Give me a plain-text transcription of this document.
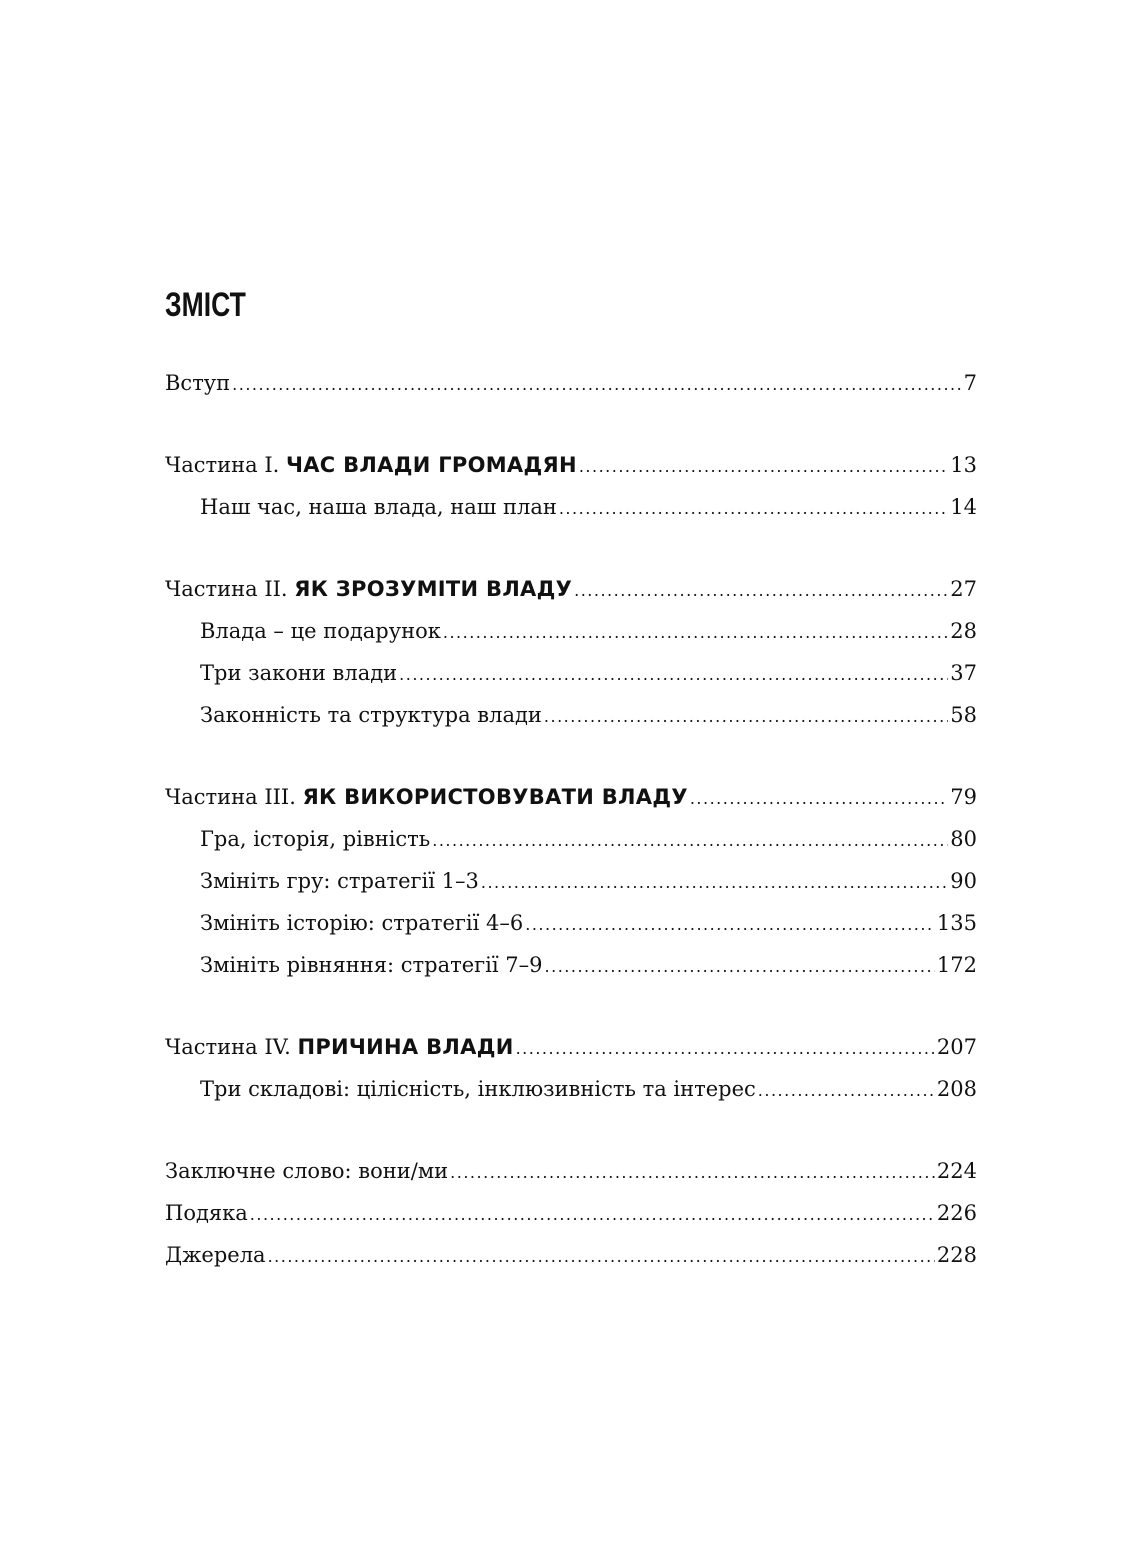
ЗМІСТ
Вступ .....	7
Частина I. ЧАС ВЛАДИ ГРОМАДЯН .....	13
Наш час, наша влада, наш план .....	14
Частина II. ЯК ЗРОЗУМІТИ ВЛАДУ .....	27
Влада – це подарунок .....	28
Три закони влади .....	37
Законність та структура влади .....	58
Частина III. ЯК ВИКОРИСТОВУВАТИ ВЛАДУ .....	79
Гра, історія, рівність .....	80
Змініть гру: стратегії 1–3 .....	90
Змініть історію: стратегії 4–6 .....	135
Змініть рівняння: стратегії 7–9 .....	172
Частина IV. ПРИЧИНА ВЛАДИ .....	207
Три складові: цілісність, інклюзивність та інтерес .....	208
Заключне слово: вони/ми .....	224
Подяка .....	226
Джерела .....	228
